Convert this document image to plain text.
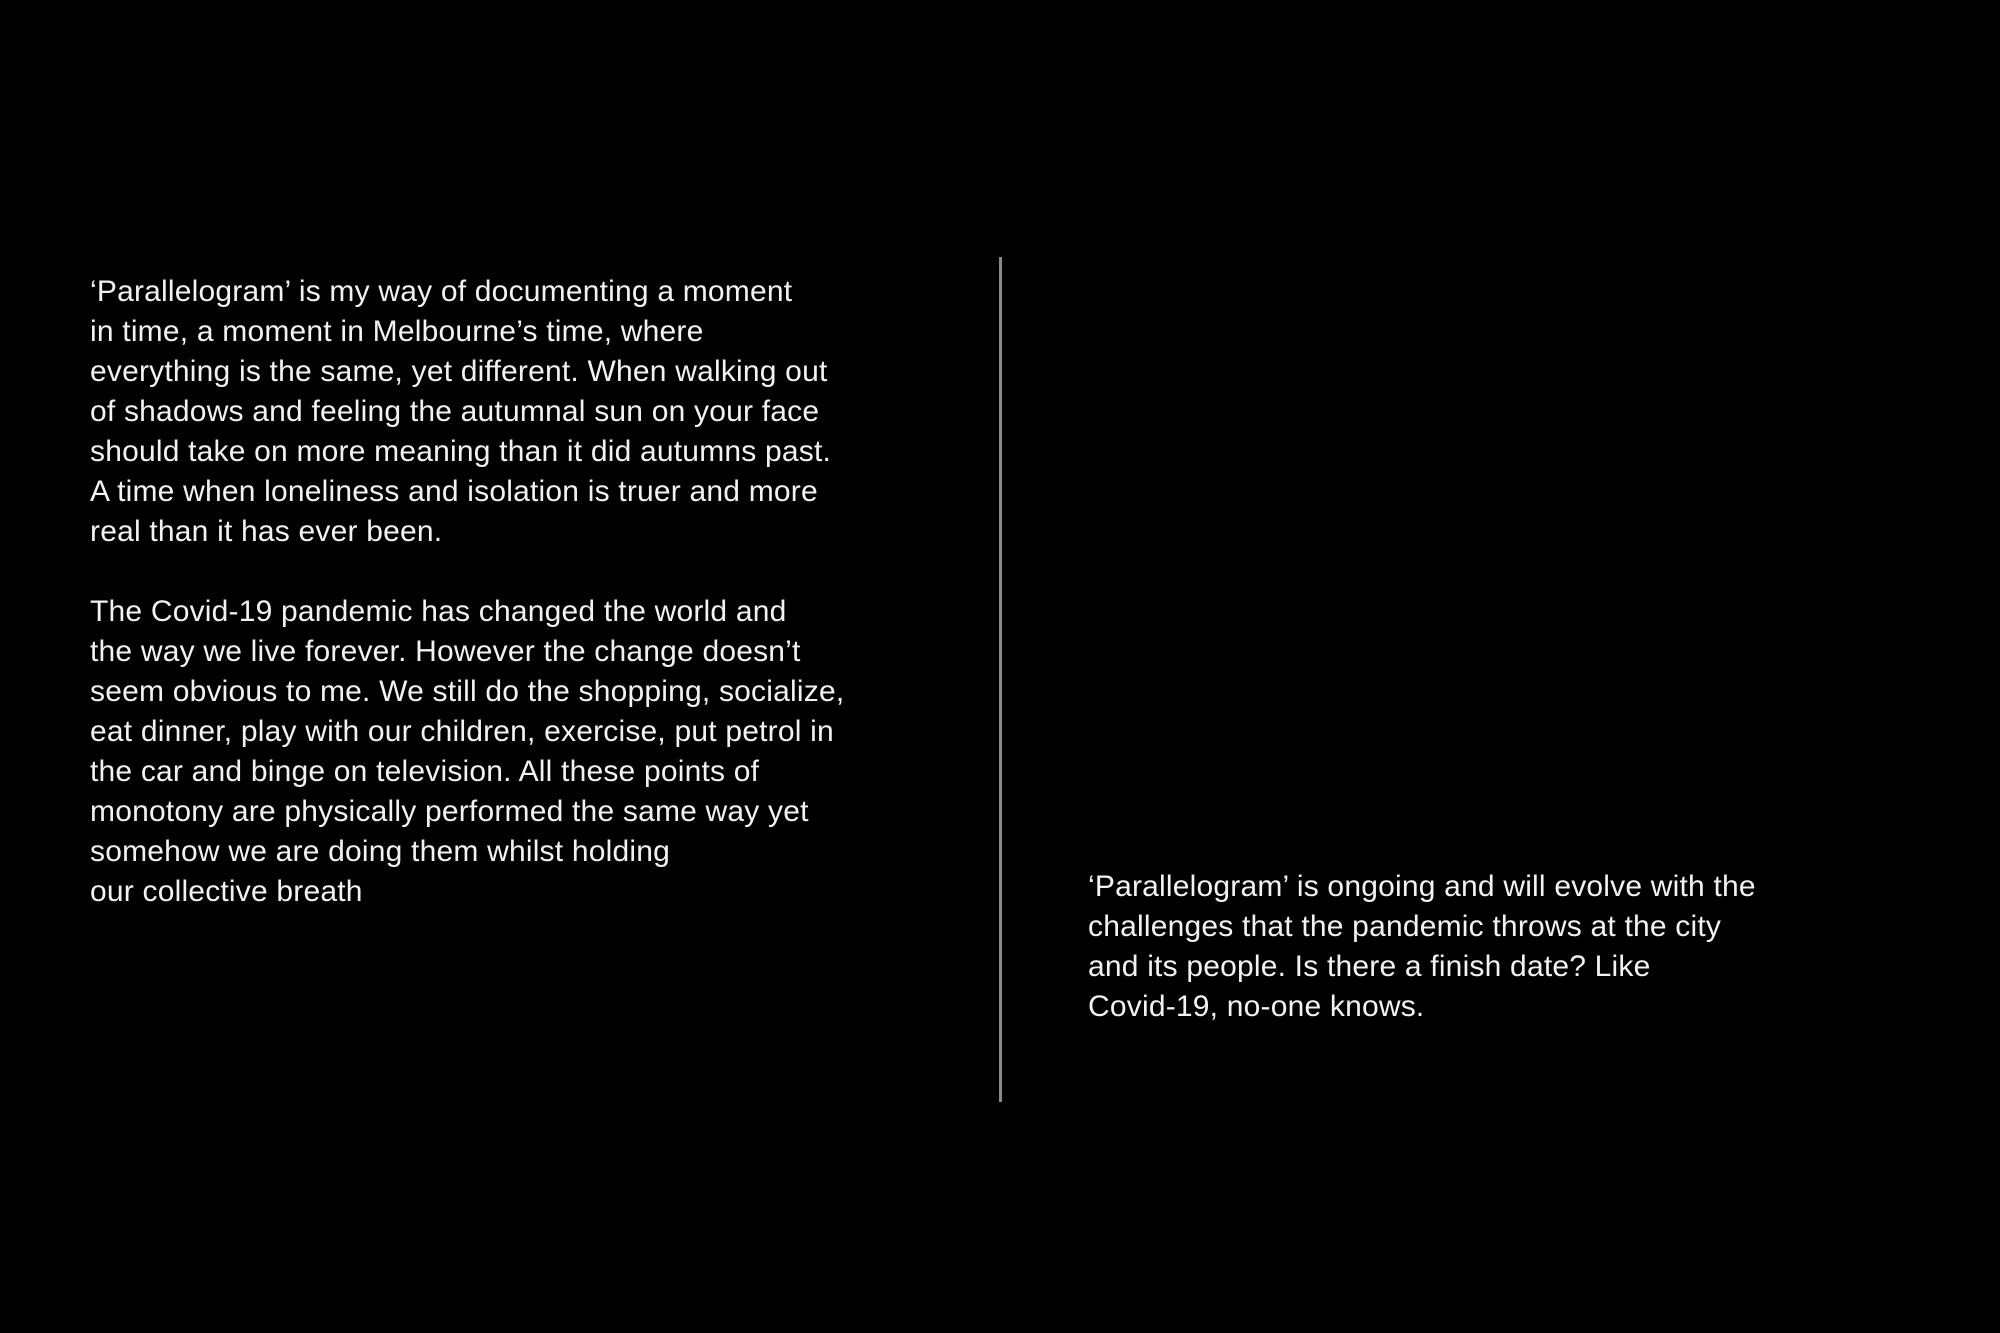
‘Parallelogram’ is my way of documenting a moment
in time, a moment in Melbourne’s time, where
everything is the same, yet different. When walking out
of shadows and feeling the autumnal sun on your face
should take on more meaning than it did autumns past.
A time when loneliness and isolation is truer and more
real than it has ever been.

The Covid-19 pandemic has changed the world and
the way we live forever. However the change doesn’t
seem obvious to me. We still do the shopping, socialize,
eat dinner, play with our children, exercise, put petrol in
the car and binge on television. All these points of
monotony are physically performed the same way yet
somehow we are doing them whilst holding
our collective breath	‘Parallelogram’ is ongoing and will evolve with the
challenges that the pandemic throws at the city
and its people. Is there a finish date? Like
Covid-19, no-one knows.
